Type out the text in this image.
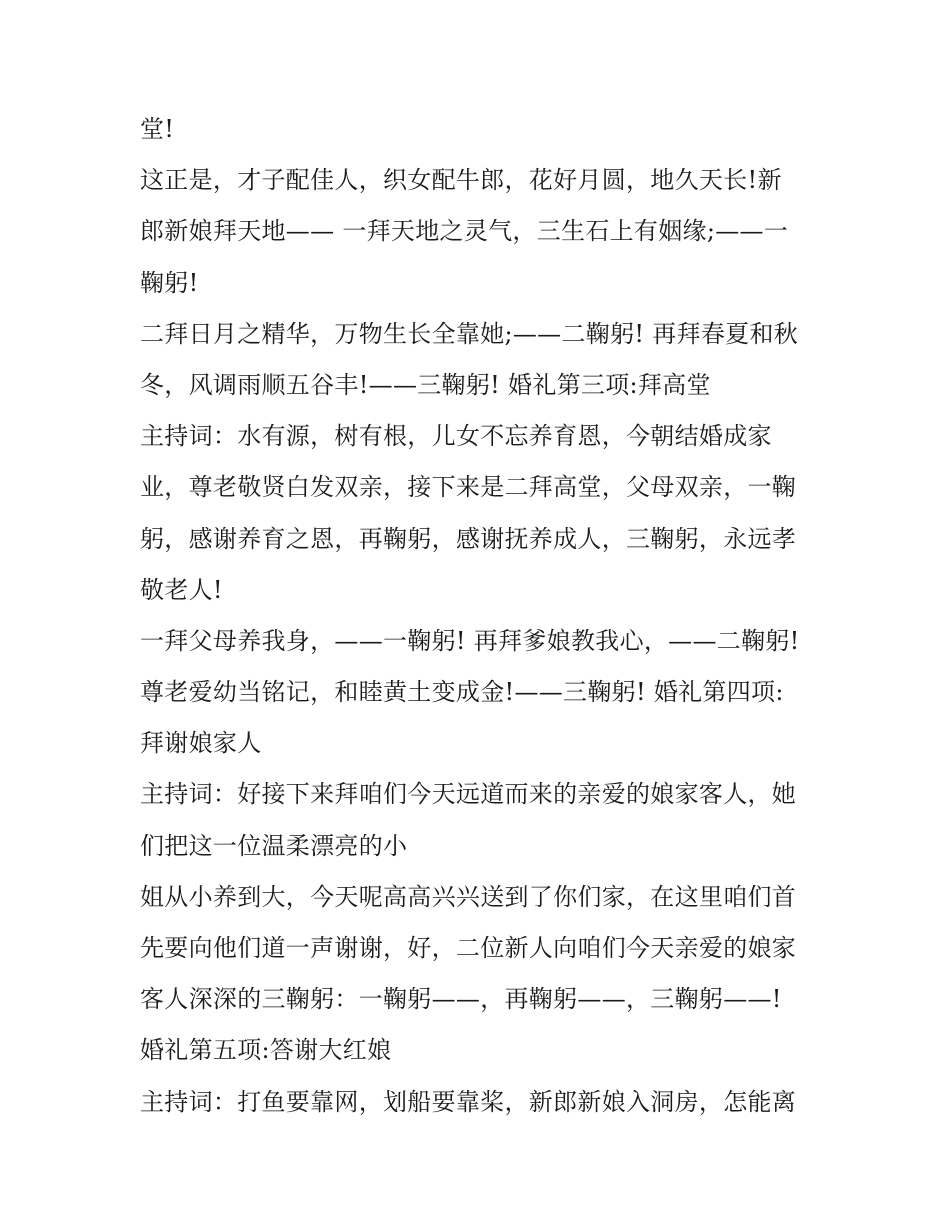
堂!
这正是，才子配佳人，织女配牛郎，花好月圆，地久天长!新
郎新娘拜天地—— 一拜天地之灵气，三生石上有姻缘;——一
鞠躬!
二拜日月之精华，万物生长全靠她;——二鞠躬! 再拜春夏和秋
冬，风调雨顺五谷丰!——三鞠躬! 婚礼第三项:拜高堂
主持词：水有源，树有根，儿女不忘养育恩，今朝结婚成家
业，尊老敬贤白发双亲，接下来是二拜高堂，父母双亲，一鞠
躬，感谢养育之恩，再鞠躬，感谢抚养成人，三鞠躬，永远孝
敬老人!
一拜父母养我身，——一鞠躬! 再拜爹娘教我心，——二鞠躬!
尊老爱幼当铭记，和睦黄土变成金!——三鞠躬! 婚礼第四项:
拜谢娘家人
主持词：好接下来拜咱们今天远道而来的亲爱的娘家客人，她
们把这一位温柔漂亮的小
姐从小养到大，今天呢高高兴兴送到了你们家，在这里咱们首
先要向他们道一声谢谢，好，二位新人向咱们今天亲爱的娘家
客人深深的三鞠躬：一鞠躬——，再鞠躬——，三鞠躬——!
婚礼第五项:答谢大红娘
主持词：打鱼要靠网，划船要靠桨，新郎新娘入洞房，怎能离
